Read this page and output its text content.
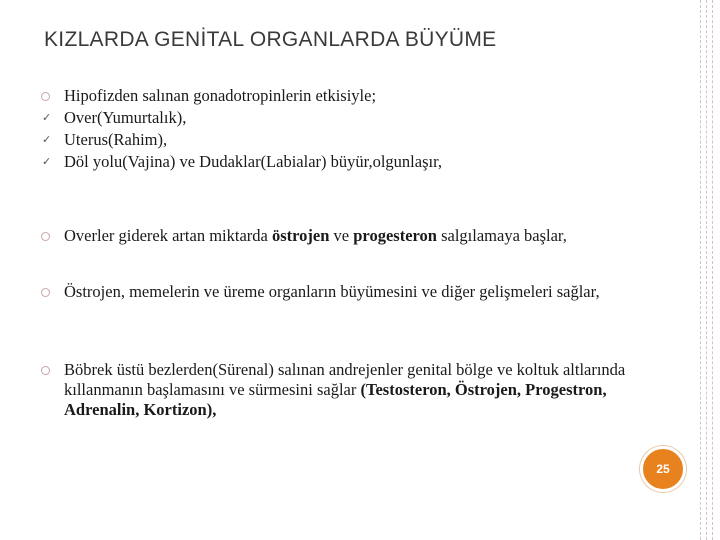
KIZLARDA GENİTAL ORGANLARDA BÜYÜME
Hipofizden salınan gonadotropinlerin etkisiyle;
✓ Over(Yumurtalık),
✓ Uterus(Rahim),
✓ Döl yolu(Vajina) ve Dudaklar(Labialar) büyür,olgunlaşır,
Overler giderek artan miktarda östrojen ve progesteron salgılamaya başlar,
Östrojen, memelerin ve üreme organların büyümesini ve diğer gelişmeleri sağlar,
Böbrek üstü bezlerden(Sürenal) salınan andrejenler genital bölge ve koltuk altlarında kıllanmanın başlamasını ve sürmesini sağlar (Testosteron, Östrojen, Progestron, Adrenalin, Kortizon),
25
